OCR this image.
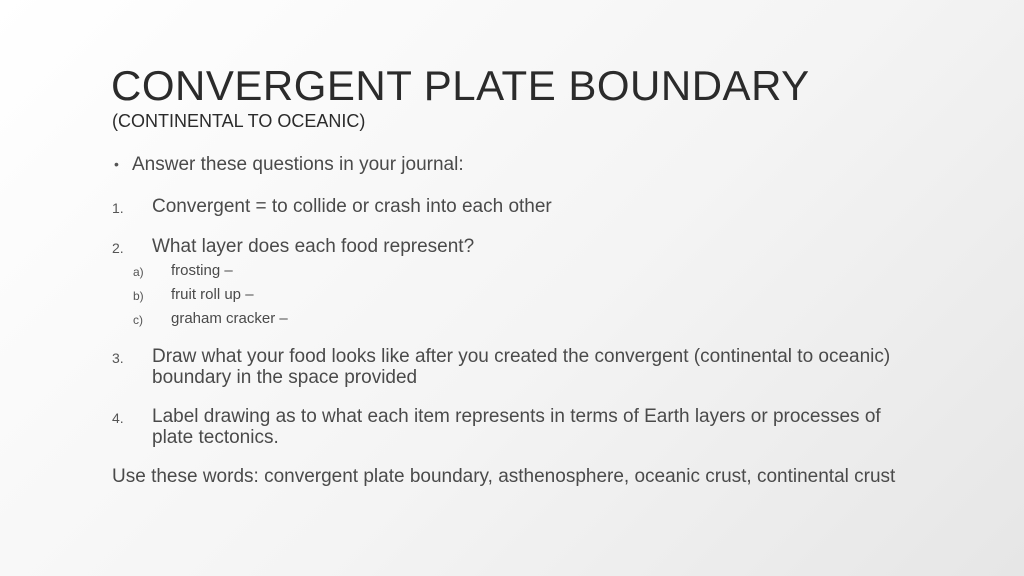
CONVERGENT PLATE BOUNDARY
(CONTINENTAL TO OCEANIC)
• Answer these questions in your journal:
1. Convergent = to collide or crash into each other
2. What layer does each food represent?
a) frosting –
b) fruit roll up –
c) graham cracker –
3. Draw what your food looks like after you created the convergent (continental to oceanic) boundary in the space provided
4. Label drawing as to what each item represents in terms of Earth layers or processes of plate tectonics.
Use these words: convergent plate boundary, asthenosphere, oceanic crust, continental crust
